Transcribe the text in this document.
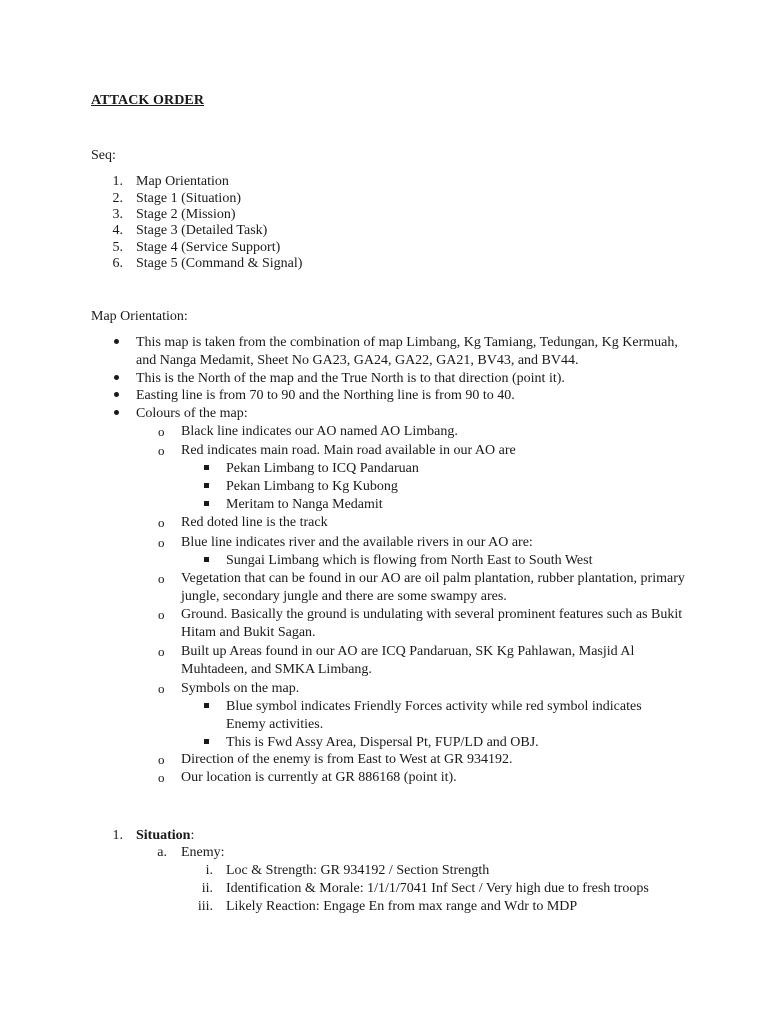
ATTACK ORDER
Seq:
1. Map Orientation
2. Stage 1 (Situation)
3. Stage 2 (Mission)
4. Stage 3 (Detailed Task)
5. Stage 4 (Service Support)
6. Stage 5 (Command & Signal)
Map Orientation:
This map is taken from the combination of map Limbang, Kg Tamiang, Tedungan, Kg Kermuah,
and Nanga Medamit, Sheet No GA23, GA24, GA22, GA21, BV43, and BV44.
This is the North of the map and the True North is to that direction (point it).
Easting line is from 70 to 90 and the Northing line is from 90 to 40.
Colours of the map:
o Black line indicates our AO named AO Limbang.
o Red indicates main road. Main road available in our AO are
Pekan Limbang to ICQ Pandaruan
Pekan Limbang to Kg Kubong
Meritam to Nanga Medamit
o Red doted line is the track
o Blue line indicates river and the available rivers in our AO are:
Sungai Limbang which is flowing from North East to South West
o Vegetation that can be found in our AO are oil palm plantation, rubber plantation, primary
jungle, secondary jungle and there are some swampy ares.
o Ground. Basically the ground is undulating with several prominent features such as Bukit
Hitam and Bukit Sagan.
o Built up Areas found in our AO are ICQ Pandaruan, SK Kg Pahlawan, Masjid Al
Muhtadeen, and SMKA Limbang.
o Symbols on the map.
Blue symbol indicates Friendly Forces activity while red symbol indicates
Enemy activities.
This is Fwd Assy Area, Dispersal Pt, FUP/LD and OBJ.
o Direction of the enemy is from East to West at GR 934192.
o Our location is currently at GR 886168 (point it).
1. Situation:
a. Enemy:
i. Loc & Strength: GR 934192 / Section Strength
ii. Identification & Morale: 1/1/1/7041 Inf Sect / Very high due to fresh troops
iii. Likely Reaction: Engage En from max range and Wdr to MDP
